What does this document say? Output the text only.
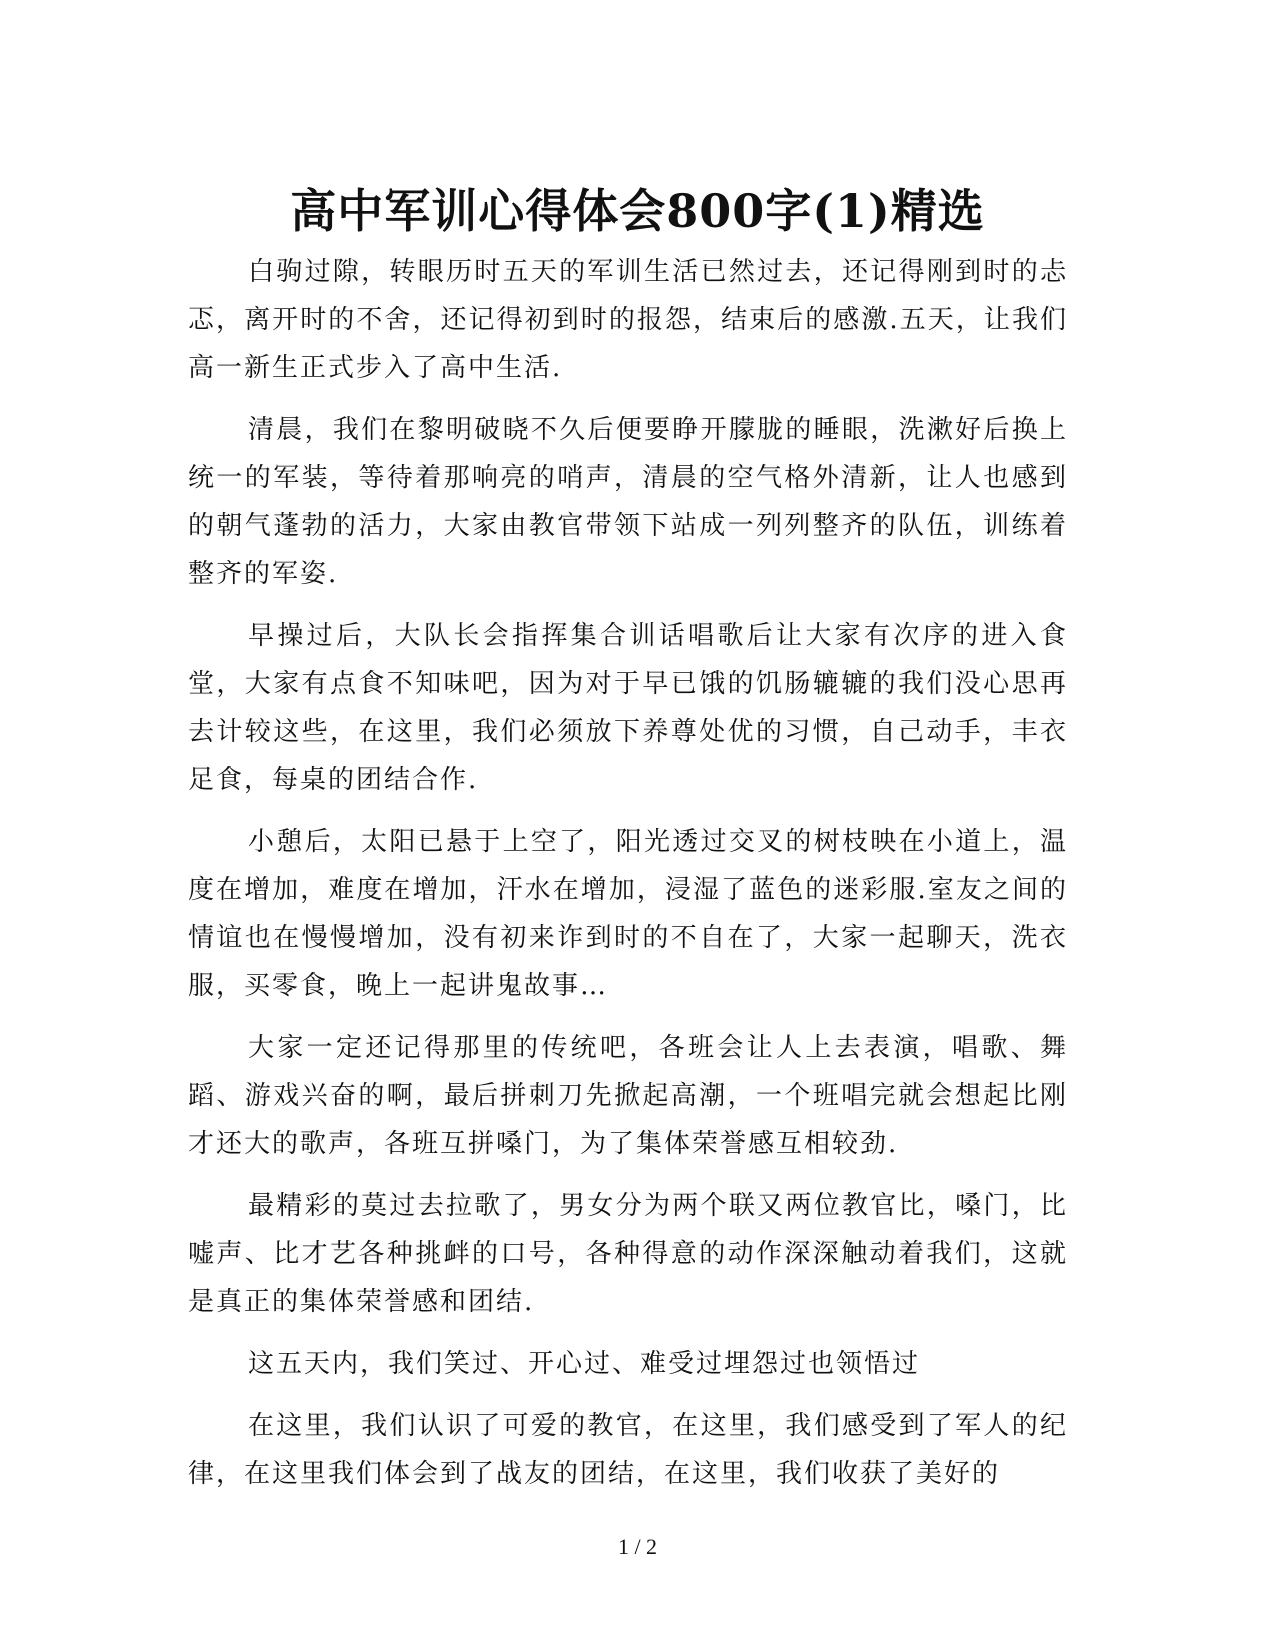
高中军训心得体会800字(1)精选

白驹过隙，转眼历时五天的军训生活已然过去，还记得刚到时的忐忑，离开时的不舍，还记得初到时的报怨，结束后的感激.五天，让我们高一新生正式步入了高中生活.

清晨，我们在黎明破晓不久后便要睁开朦胧的睡眼，洗漱好后换上统一的军装，等待着那响亮的哨声，清晨的空气格外清新，让人也感到的朝气蓬勃的活力，大家由教官带领下站成一列列整齐的队伍，训练着整齐的军姿.

早操过后，大队长会指挥集合训话唱歌后让大家有次序的进入食堂，大家有点食不知味吧，因为对于早已饿的饥肠辘辘的我们没心思再去计较这些，在这里，我们必须放下养尊处优的习惯，自己动手，丰衣足食，每桌的团结合作.

小憩后，太阳已悬于上空了，阳光透过交叉的树枝映在小道上，温度在增加，难度在增加，汗水在增加，浸湿了蓝色的迷彩服.室友之间的情谊也在慢慢增加，没有初来诈到时的不自在了，大家一起聊天，洗衣服，买零食，晚上一起讲鬼故事…

大家一定还记得那里的传统吧，各班会让人上去表演，唱歌、舞蹈、游戏兴奋的啊，最后拼刺刀先掀起高潮，一个班唱完就会想起比刚才还大的歌声，各班互拼嗓门，为了集体荣誉感互相较劲.

最精彩的莫过去拉歌了，男女分为两个联又两位教官比，嗓门，比嘘声、比才艺各种挑衅的口号，各种得意的动作深深触动着我们，这就是真正的集体荣誉感和团结.

这五天内，我们笑过、开心过、难受过埋怨过也领悟过

在这里，我们认识了可爱的教官，在这里，我们感受到了军人的纪律，在这里我们体会到了战友的团结，在这里，我们收获了美好的

1 / 2
